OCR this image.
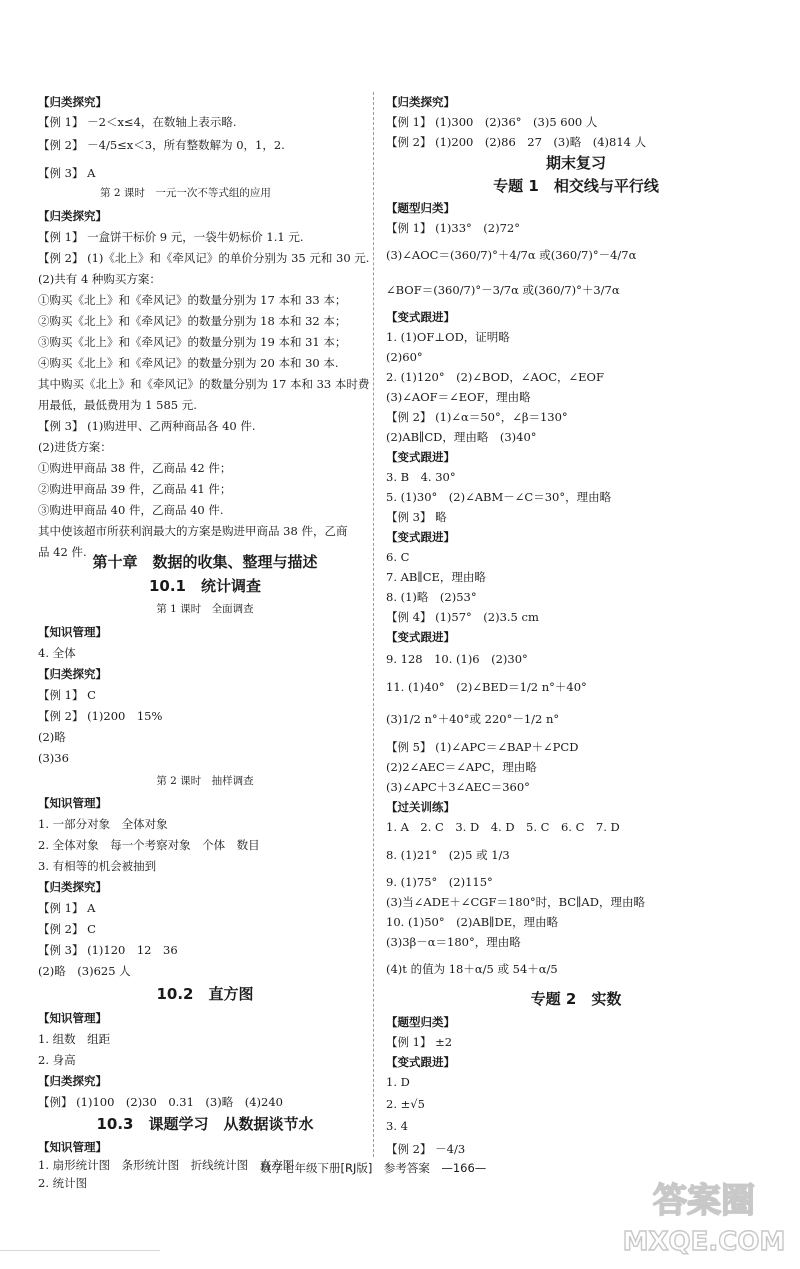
【归类探究】
【例 1】 －2＜x≤4，在数轴上表示略.
【例 2】 －4/5≤x＜3，所有整数解为 0，1，2.
【例 3】 A
第 2 课时　一元一次不等式组的应用
【归类探究】
【例 1】 一盒饼干标价 9 元，一袋牛奶标价 1.1 元.
【例 2】 (1)《北上》和《牵风记》的单价分别为 35 元和 30 元.
(2)共有 4 种购买方案：
①购买《北上》和《牵风记》的数量分别为 17 本和 33 本；
②购买《北上》和《牵风记》的数量分别为 18 本和 32 本；
③购买《北上》和《牵风记》的数量分别为 19 本和 31 本；
④购买《北上》和《牵风记》的数量分别为 20 本和 30 本.
其中购买《北上》和《牵风记》的数量分别为 17 本和 33 本时费
用最低，最低费用为 1 585 元.
【例 3】 (1)购进甲、乙两种商品各 40 件.
(2)进货方案：
①购进甲商品 38 件，乙商品 42 件；
②购进甲商品 39 件，乙商品 41 件；
③购进甲商品 40 件，乙商品 40 件.
其中使该超市所获利润最大的方案是购进甲商品 38 件，乙商
品 42 件.
第十章　数据的收集、整理与描述
10.1　统计调查
第 1 课时　全面调查
【知识管理】
4. 全体
【归类探究】
【例 1】 C
【例 2】 (1)200　15%
(2)略
(3)36
第 2 课时　抽样调查
【知识管理】
1. 一部分对象　全体对象
2. 全体对象　每一个考察对象　个体　数目
3. 有相等的机会被抽到
【归类探究】
【例 1】 A
【例 2】 C
【例 3】 (1)120　12　36
(2)略　(3)625 人
10.2　直方图
【知识管理】
1. 组数　组距
2. 身高
【归类探究】
【例】 (1)100　(2)30　0.31　(3)略　(4)240
10.3　课题学习　从数据谈节水
【知识管理】
1. 扇形统计图　条形统计图　折线统计图　直方图
2. 统计图
【归类探究】
【例 1】 (1)300　(2)36°　(3)5 600 人
【例 2】 (1)200　(2)86　27　(3)略　(4)814 人
期末复习
专题 1　相交线与平行线
【题型归类】
【例 1】 (1)33°　(2)72°
(3)∠AOC＝(360/7)°＋4/7α 或(360/7)°－4/7α
∠BOF＝(360/7)°－3/7α 或(360/7)°＋3/7α
【变式跟进】
1. (1)OF⊥OD，证明略
(2)60°
2. (1)120°　(2)∠BOD，∠AOC，∠EOF
(3)∠AOF＝∠EOF，理由略
【例 2】 (1)∠α＝50°，∠β＝130°
(2)AB∥CD，理由略　(3)40°
【变式跟进】
3. B　4. 30°
5. (1)30°　(2)∠ABM－∠C＝30°，理由略
【例 3】 略
【变式跟进】
6. C
7. AB∥CE，理由略
8. (1)略　(2)53°
【例 4】 (1)57°　(2)3.5 cm
【变式跟进】
9. 128　10. (1)6　(2)30°
11. (1)40°　(2)∠BED＝1/2 n°＋40°
(3)1/2 n°＋40°或 220°－1/2 n°
【例 5】 (1)∠APC＝∠BAP＋∠PCD
(2)2∠AEC＝∠APC，理由略
(3)∠APC＋3∠AEC＝360°
【过关训练】
1. A　2. C　3. D　4. D　5. C　6. C　7. D
8. (1)21°　(2)5 或 1/3
9. (1)75°　(2)115°
(3)当∠ADE＋∠CGF＝180°时，BC∥AD，理由略
10. (1)50°　(2)AB∥DE，理由略
(3)3β－α＝180°，理由略
(4)t 的值为 18＋α/5 或 54＋α/5
专题 2　实数
【题型归类】
【例 1】 ±2
【变式跟进】
1. D
2. ±√5
3. 4
【例 2】 －4/3
数学七年级下册[RJ版]　参考答案　—166—
答案圈
MXQE.COM
